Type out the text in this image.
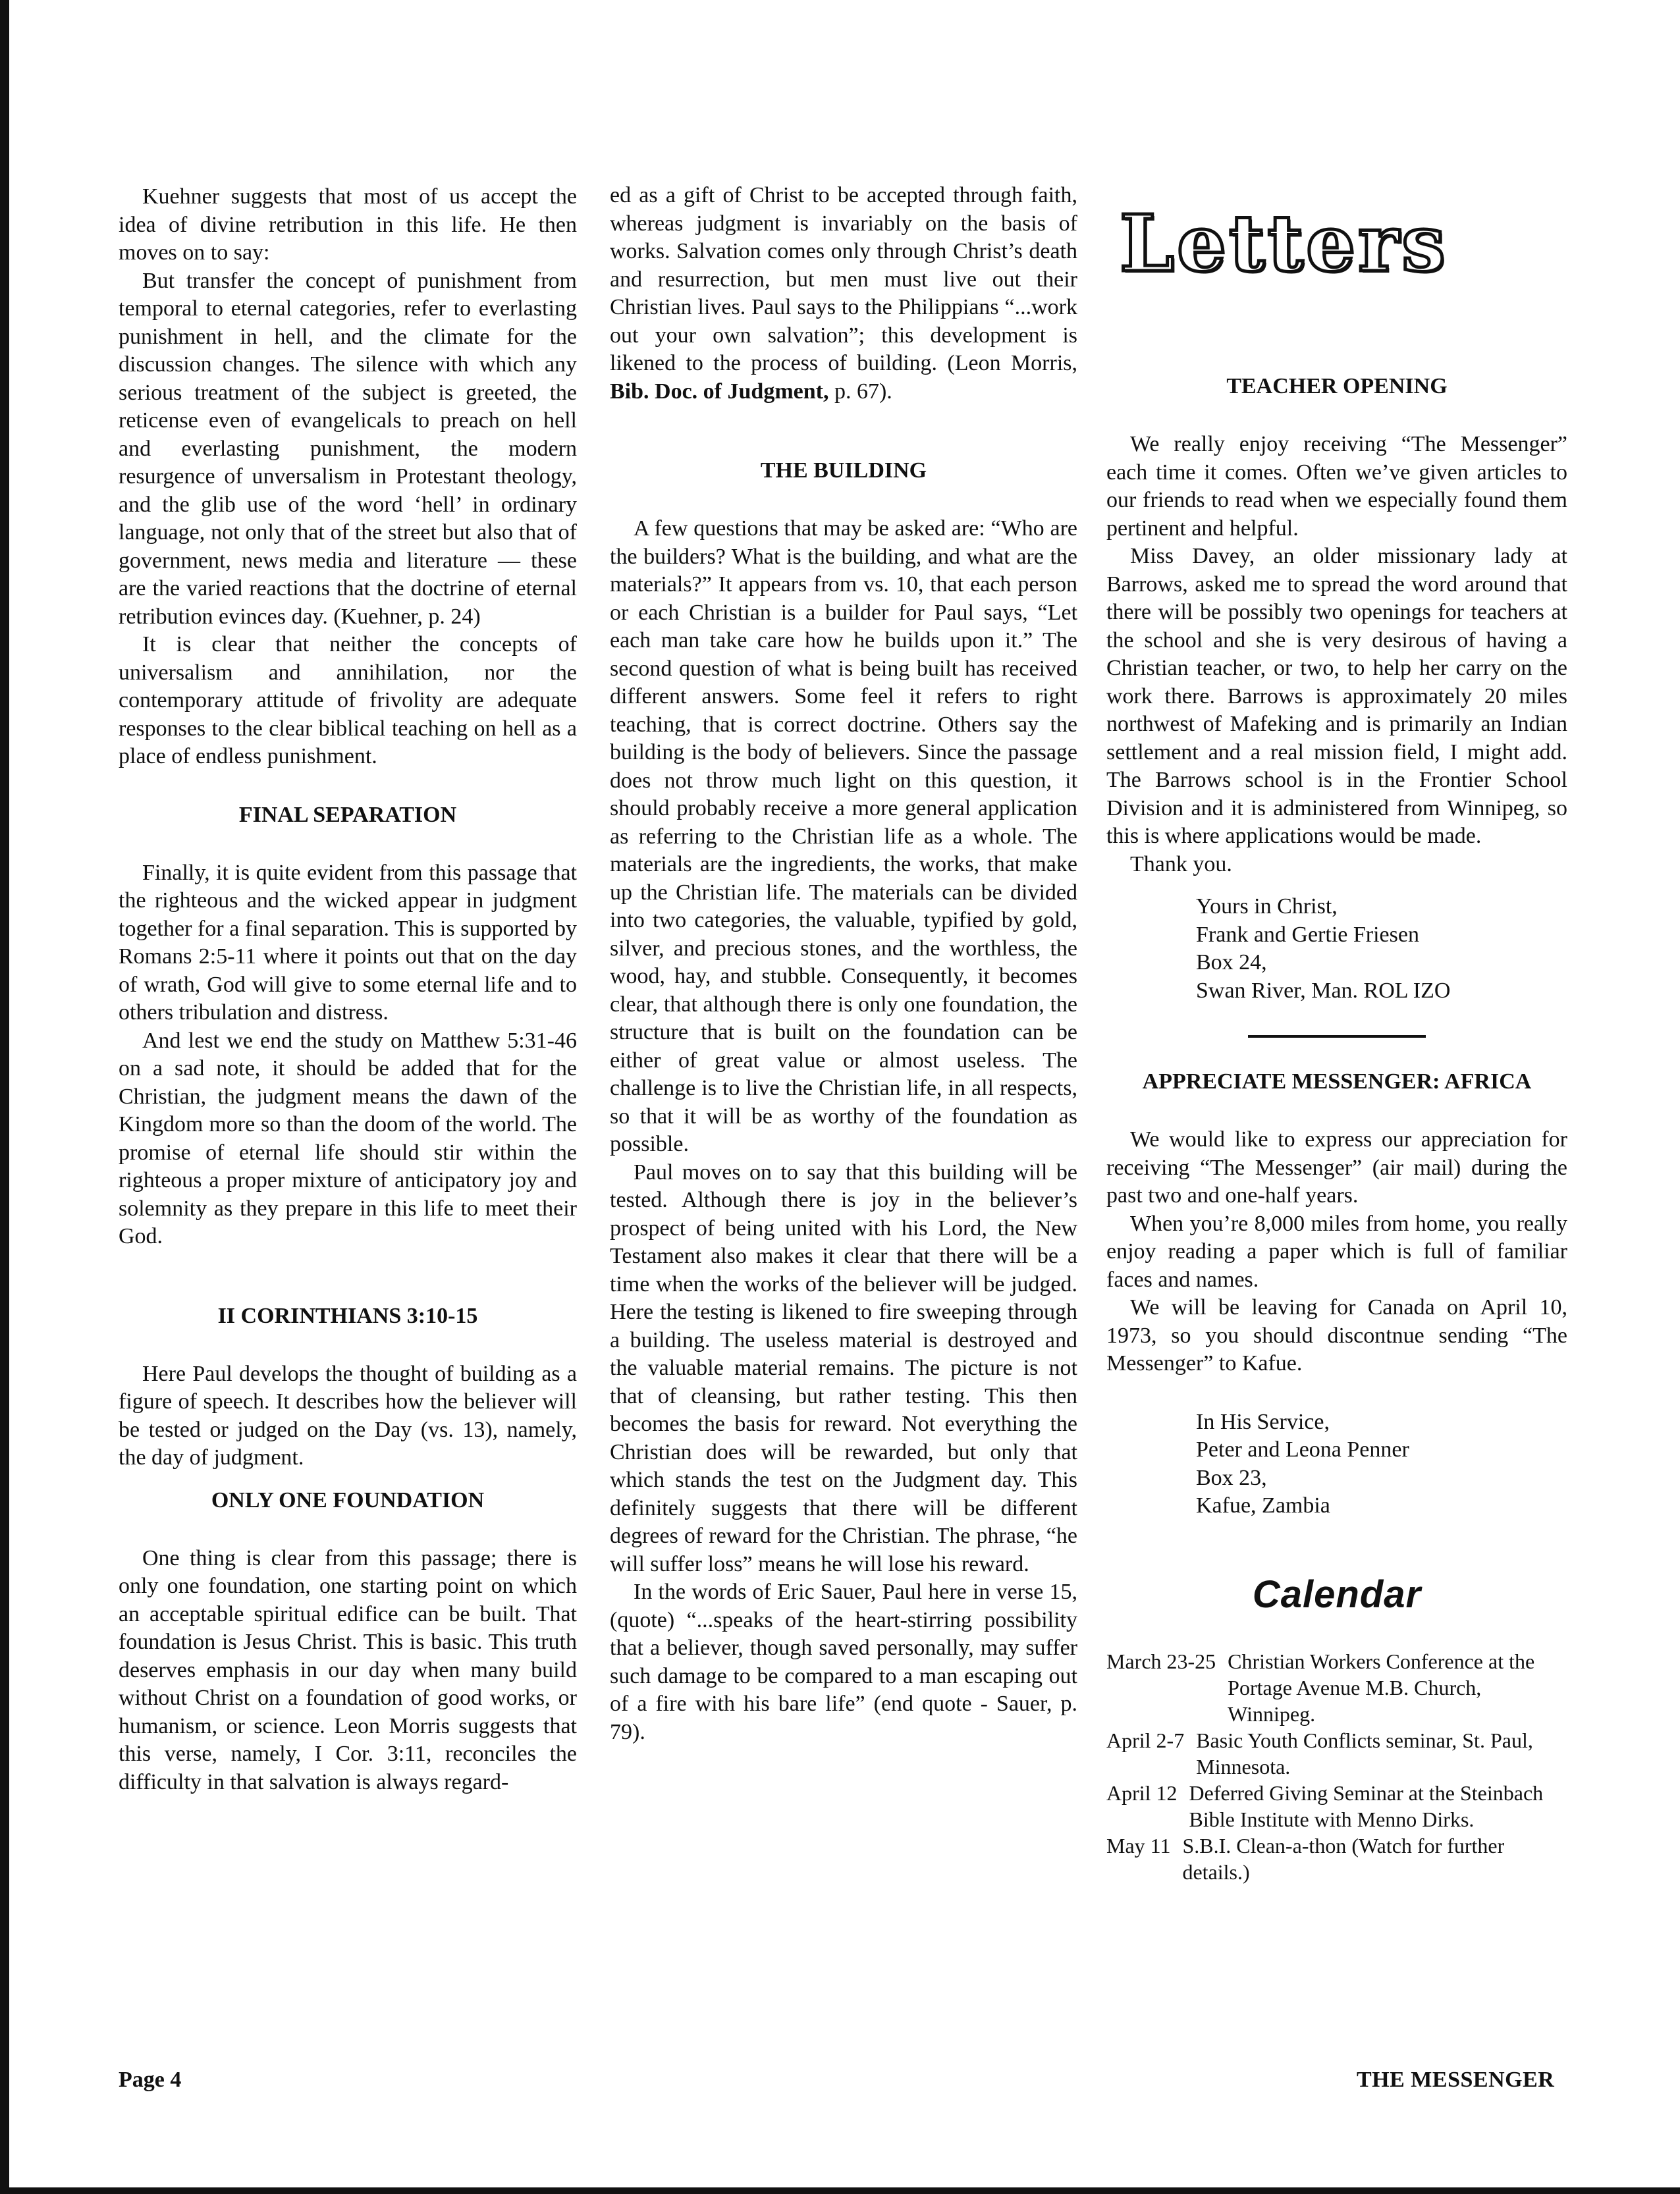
Kuehner suggests that most of us accept the idea of divine retribution in this life. He then moves on to say:

But transfer the concept of punishment from temporal to eternal categories, refer to everlasting punishment in hell, and the climate for the discussion changes. The silence with which any serious treatment of the subject is greeted, the reticense even of evangelicals to preach on hell and everlasting punishment, the modern resurgence of unversalism in Protestant theology, and the glib use of the word ‘hell’ in ordinary language, not only that of the street but also that of government, news media and literature — these are the varied reactions that the doctrine of eternal retribution evinces day. (Kuehner, p. 24)

It is clear that neither the concepts of universalism and annihilation, nor the contemporary attitude of frivolity are adequate responses to the clear biblical teaching on hell as a place of endless punishment.

FINAL SEPARATION

Finally, it is quite evident from this passage that the righteous and the wicked appear in judgment together for a final separation. This is supported by Romans 2:5-11 where it points out that on the day of wrath, God will give to some eternal life and to others tribulation and distress.

And lest we end the study on Matthew 5:31-46 on a sad note, it should be added that for the Christian, the judgment means the dawn of the Kingdom more so than the doom of the world. The promise of eternal life should stir within the righteous a proper mixture of anticipatory joy and solemnity as they prepare in this life to meet their God.

II CORINTHIANS 3:10-15

Here Paul develops the thought of building as a figure of speech. It describes how the believer will be tested or judged on the Day (vs. 13), namely, the day of judgment.

ONLY ONE FOUNDATION

One thing is clear from this passage; there is only one foundation, one starting point on which an acceptable spiritual edifice can be built. That foundation is Jesus Christ. This is basic. This truth deserves emphasis in our day when many build without Christ on a foundation of good works, or humanism, or science. Leon Morris suggests that this verse, namely, I Cor. 3:11, reconciles the difficulty in that salvation is always regard-

ed as a gift of Christ to be accepted through faith, whereas judgment is invariably on the basis of works. Salvation comes only through Christ’s death and resurrection, but men must live out their Christian lives. Paul says to the Philippians “...work out your own salvation”; this development is likened to the process of building. (Leon Morris, Bib. Doc. of Judgment, p. 67).

THE BUILDING

A few questions that may be asked are: “Who are the builders? What is the building, and what are the materials?” It appears from vs. 10, that each person or each Christian is a builder for Paul says, “Let each man take care how he builds upon it.” The second question of what is being built has received different answers. Some feel it refers to right teaching, that is correct doctrine. Others say the building is the body of believers. Since the passage does not throw much light on this question, it should probably receive a more general application as referring to the Christian life as a whole. The materials are the ingredients, the works, that make up the Christian life. The materials can be divided into two categories, the valuable, typified by gold, silver, and precious stones, and the worthless, the wood, hay, and stubble. Consequently, it becomes clear, that although there is only one foundation, the structure that is built on the foundation can be either of great value or almost useless. The challenge is to live the Christian life, in all respects, so that it will be as worthy of the foundation as possible.

Paul moves on to say that this building will be tested. Although there is joy in the believer’s prospect of being united with his Lord, the New Testament also makes it clear that there will be a time when the works of the believer will be judged. Here the testing is likened to fire sweeping through a building. The useless material is destroyed and the valuable material remains. The picture is not that of cleansing, but rather testing. This then becomes the basis for reward. Not everything the Christian does will be rewarded, but only that which stands the test on the Judgment day. This definitely suggests that there will be different degrees of reward for the Christian. The phrase, “he will suffer loss” means he will lose his reward.

In the words of Eric Sauer, Paul here in verse 15, (quote) “...speaks of the heart-stirring possibility that a believer, though saved personally, may suffer such damage to be compared to a man escaping out of a fire with his bare life” (end quote - Sauer, p. 79).

Letters
TEACHER OPENING

We really enjoy receiving “The Messenger” each time it comes. Often we’ve given articles to our friends to read when we especially found them pertinent and helpful.

Miss Davey, an older missionary lady at Barrows, asked me to spread the word around that there will be possibly two openings for teachers at the school and she is very desirous of having a Christian teacher, or two, to help her carry on the work there. Barrows is approximately 20 miles northwest of Mafeking and is primarily an Indian settlement and a real mission field, I might add. The Barrows school is in the Frontier School Division and it is administered from Winnipeg, so this is where applications would be made.

Thank you.

Yours in Christ,
Frank and Gertie Friesen
Box 24,
Swan River, Man. ROL IZO
APPRECIATE MESSENGER: AFRICA

We would like to express our appreciation for receiving “The Messenger” (air mail) during the past two and one-half years.

When you’re 8,000 miles from home, you really enjoy reading a paper which is full of familiar faces and names.

We will be leaving for Canada on April 10, 1973, so you should discontnue sending “The Messenger” to Kafue.

In His Service,
Peter and Leona Penner
Box 23,
Kafue, Zambia
Calendar
March 23-25 Christian Workers Conference at the Portage Avenue M.B. Church, Winnipeg.
April 2-7 Basic Youth Conflicts seminar, St. Paul, Minnesota.
April 12 Deferred Giving Seminar at the Steinbach Bible Institute with Menno Dirks.
May 11 S.B.I. Clean-a-thon (Watch for further details.)
Page 4	THE MESSENGER
